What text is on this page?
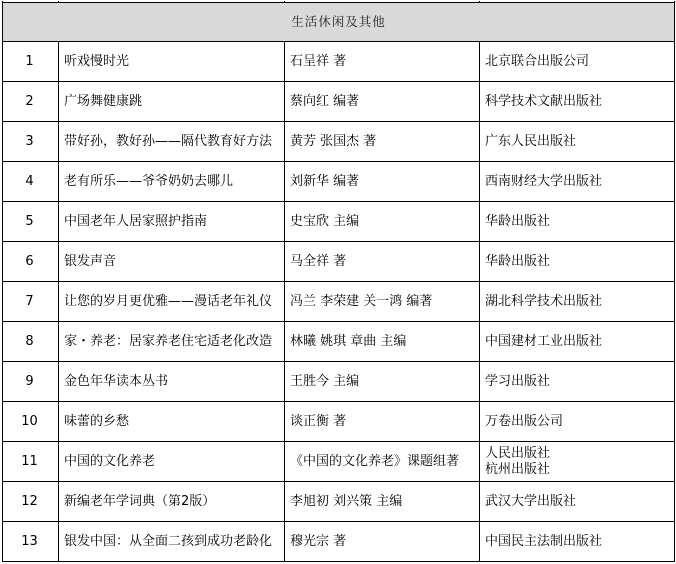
生活休闲及其他			
1	听戏慢时光	石呈祥 著	北京联合出版公司

2	广场舞健康跳	蔡向红 编著	科学技术文献出版社

3	带好孙，教好孙——隔代教育好方法	黄芳 张国杰 著	广东人民出版社

4	老有所乐——爷爷奶奶去哪儿	刘新华 编著	西南财经大学出版社

5	中国老年人居家照护指南	史宝欣 主编	华龄出版社

6	银发声音	马全祥 著	华龄出版社

7	让您的岁月更优雅——漫话老年礼仪	冯兰 李荣建 关一鸿 编著	湖北科学技术出版社

8	家・养老：居家养老住宅适老化改造	林曦 姚琪 章曲 主编	中国建材工业出版社

9	金色年华读本丛书	王胜今 主编	学习出版社

10	味蕾的乡愁	谈正衡 著	万卷出版公司

11	中国的文化养老	《中国的文化养老》课题组著	人民出版社
杭州出版社

12	新编老年学词典（第2版）	李旭初 刘兴策 主编	武汉大学出版社

13	银发中国：从全面二孩到成功老龄化	穆光宗 著	中国民主法制出版社
